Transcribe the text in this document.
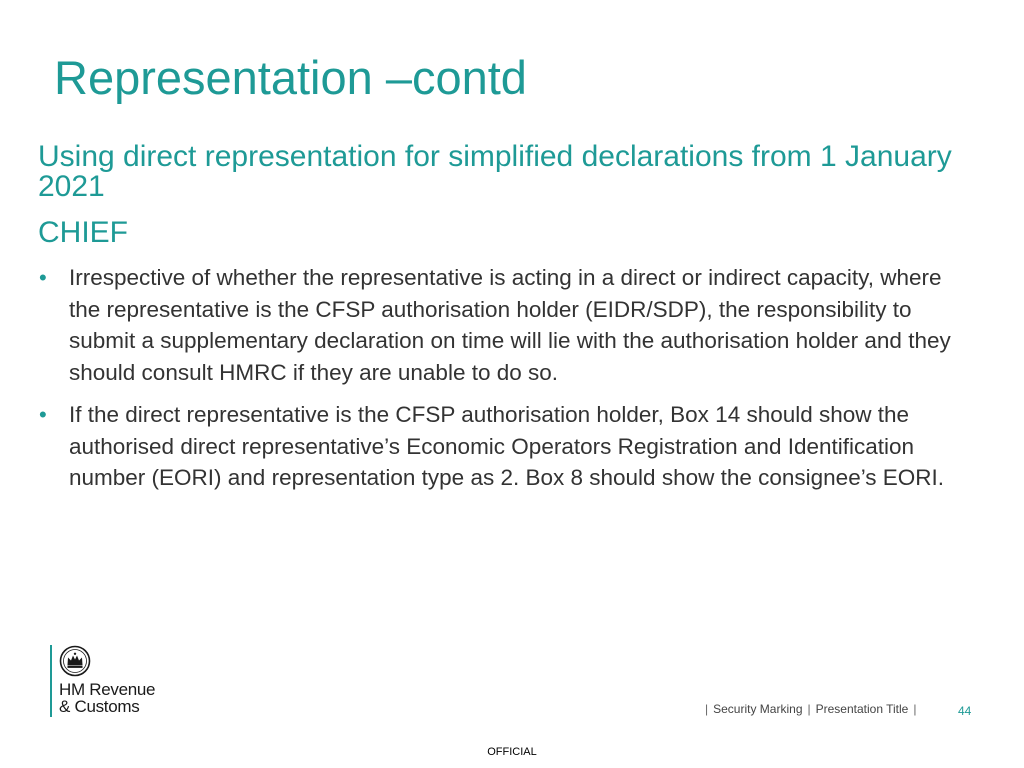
Representation –contd
Using direct representation for simplified declarations from 1 January 2021
CHIEF
• Irrespective of whether the representative is acting in a direct or indirect capacity, where the representative is the CFSP authorisation holder (EIDR/SDP), the responsibility to submit a supplementary declaration on time will lie with the authorisation holder and they should consult HMRC if they are unable to do so.
• If the direct representative is the CFSP authorisation holder, Box 14 should show the authorised direct representative’s Economic Operators Registration and Identification number (EORI) and representation type as 2. Box 8 should show the consignee’s EORI.
HM Revenue
& Customs	| Security Marking | Presentation Title |	44
OFFICIAL
